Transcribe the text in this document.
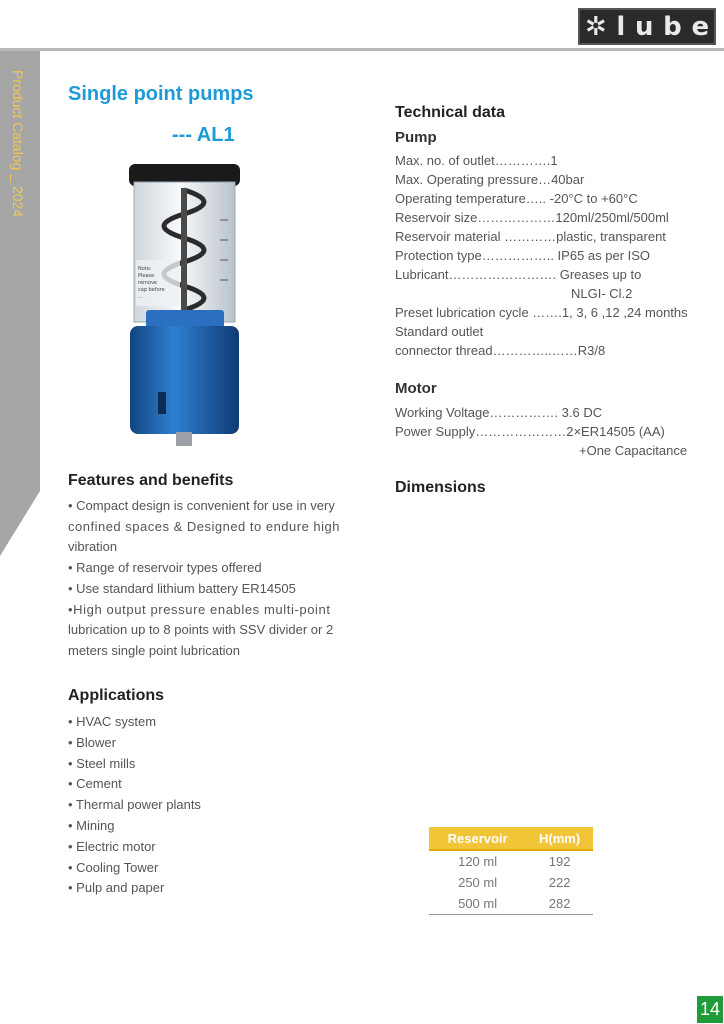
✲ l u b e
Product Catalog _ 2024 Single point pumps
--- AL1
Note:
Please
remove
cap before
...
Features and benefits
• Compact design is convenient for use in very
confined spaces & Designed to endure high
vibration
• Range of reservoir types offered
• Use standard lithium battery ER14505
•High output pressure enables multi-point
lubrication up to 8 points with SSV divider or 2
meters single point lubrication
Applications
• HVAC system
• Blower
• Steel mills
• Cement
• Thermal power plants
• Mining
• Electric motor
• Cooling Tower
• Pulp and paper
Technical data
Pump
Max. no. of outlet………….1
Max. Operating pressure…40bar
Operating temperature….. -20°C to +60°C
Reservoir size………………120ml/250ml/500ml
Reservoir material …………plastic, transparent
Protection type…………….. IP65 as per ISO
Lubricant……………………. Greases up to
NLGI- Cl.2
Preset lubrication cycle …….1, 3, 6 ,12 ,24 months
Standard outlet
connector thread…………..……R3/8
Motor
Working Voltage……………. 3.6 DC
Power Supply…………………2×ER14505 (AA)
+One Capacitance
Dimensions
Reservoir	H(mm)
120 ml	192
250 ml	222
500 ml	282
14
